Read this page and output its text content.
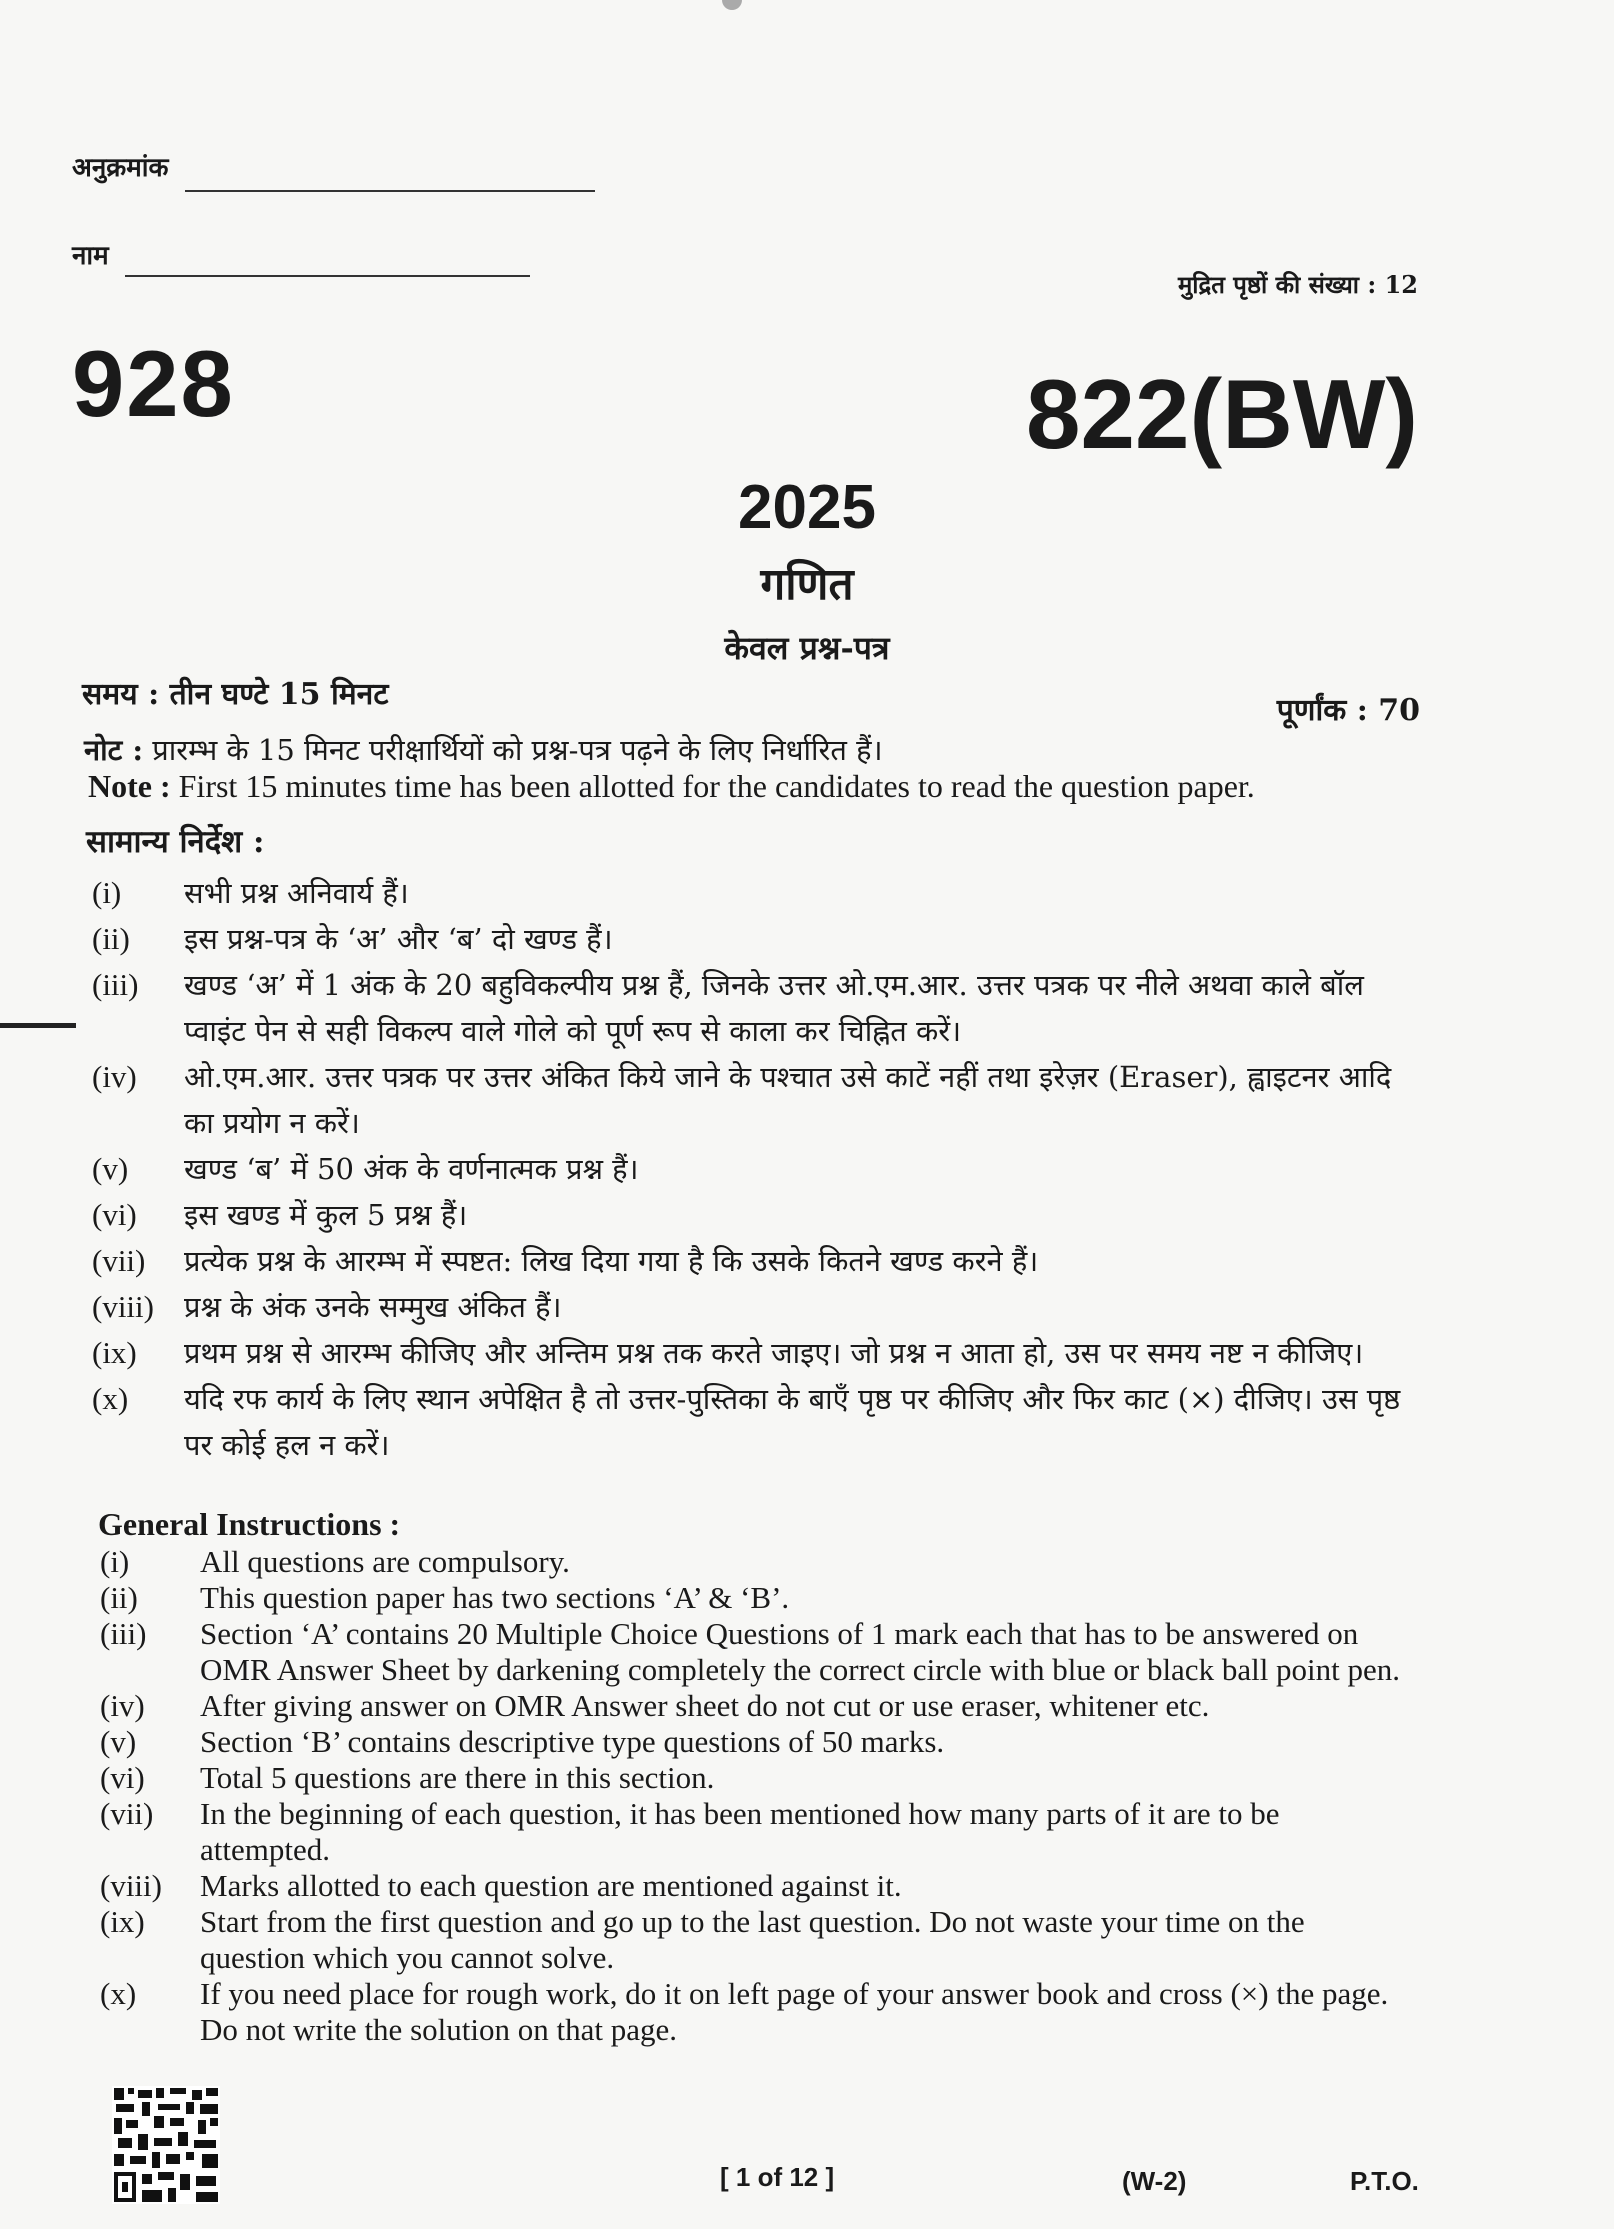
अनुक्रमांक
नाम
मुद्रित पृष्ठों की संख्या : 12
928	822(BW)
2025
गणित
केवल प्रश्न-पत्र
समय : तीन घण्टे 15 मिनट	पूर्णांक : 70
नोट : प्रारम्भ के 15 मिनट परीक्षार्थियों को प्रश्न-पत्र पढ़ने के लिए निर्धारित हैं।
Note : First 15 minutes time has been allotted for the candidates to read the question paper.
सामान्य निर्देश :
(i)	सभी प्रश्न अनिवार्य हैं।
(ii)	इस प्रश्न-पत्र के ‘अ’ और ‘ब’ दो खण्ड हैं।
(iii)	खण्ड ‘अ’ में 1 अंक के 20 बहुविकल्पीय प्रश्न हैं, जिनके उत्तर ओ.एम.आर. उत्तर पत्रक पर नीले अथवा काले बॉल प्वाइंट पेन से सही विकल्प वाले गोले को पूर्ण रूप से काला कर चिह्नित करें।
(iv)	ओ.एम.आर. उत्तर पत्रक पर उत्तर अंकित किये जाने के पश्चात उसे काटें नहीं तथा इरेज़र (Eraser), ह्वाइटनर आदि का प्रयोग न करें।
(v)	खण्ड ‘ब’ में 50 अंक के वर्णनात्मक प्रश्न हैं।
(vi)	इस खण्ड में कुल 5 प्रश्न हैं।
(vii)	प्रत्येक प्रश्न के आरम्भ में स्पष्टत: लिख दिया गया है कि उसके कितने खण्ड करने हैं।
(viii)	प्रश्न के अंक उनके सम्मुख अंकित हैं।
(ix)	प्रथम प्रश्न से आरम्भ कीजिए और अन्तिम प्रश्न तक करते जाइए। जो प्रश्न न आता हो, उस पर समय नष्ट न कीजिए।
(x)	यदि रफ कार्य के लिए स्थान अपेक्षित है तो उत्तर-पुस्तिका के बाएँ पृष्ठ पर कीजिए और फिर काट (×) दीजिए। उस पृष्ठ पर कोई हल न करें।
General Instructions :
(i)	All questions are compulsory.
(ii)	This question paper has two sections ‘A’ & ‘B’.
(iii)	Section ‘A’ contains 20 Multiple Choice Questions of 1 mark each that has to be answered on OMR Answer Sheet by darkening completely the correct circle with blue or black ball point pen.
(iv)	After giving answer on OMR Answer sheet do not cut or use eraser, whitener etc.
(v)	Section ‘B’ contains descriptive type questions of 50 marks.
(vi)	Total 5 questions are there in this section.
(vii)	In the beginning of each question, it has been mentioned how many parts of it are to be attempted.
(viii)	Marks allotted to each question are mentioned against it.
(ix)	Start from the first question and go up to the last question. Do not waste your time on the question which you cannot solve.
(x)	If you need place for rough work, do it on left page of your answer book and cross (×) the page. Do not write the solution on that page.
[ 1 of 12 ]	(W-2)	P.T.O.
